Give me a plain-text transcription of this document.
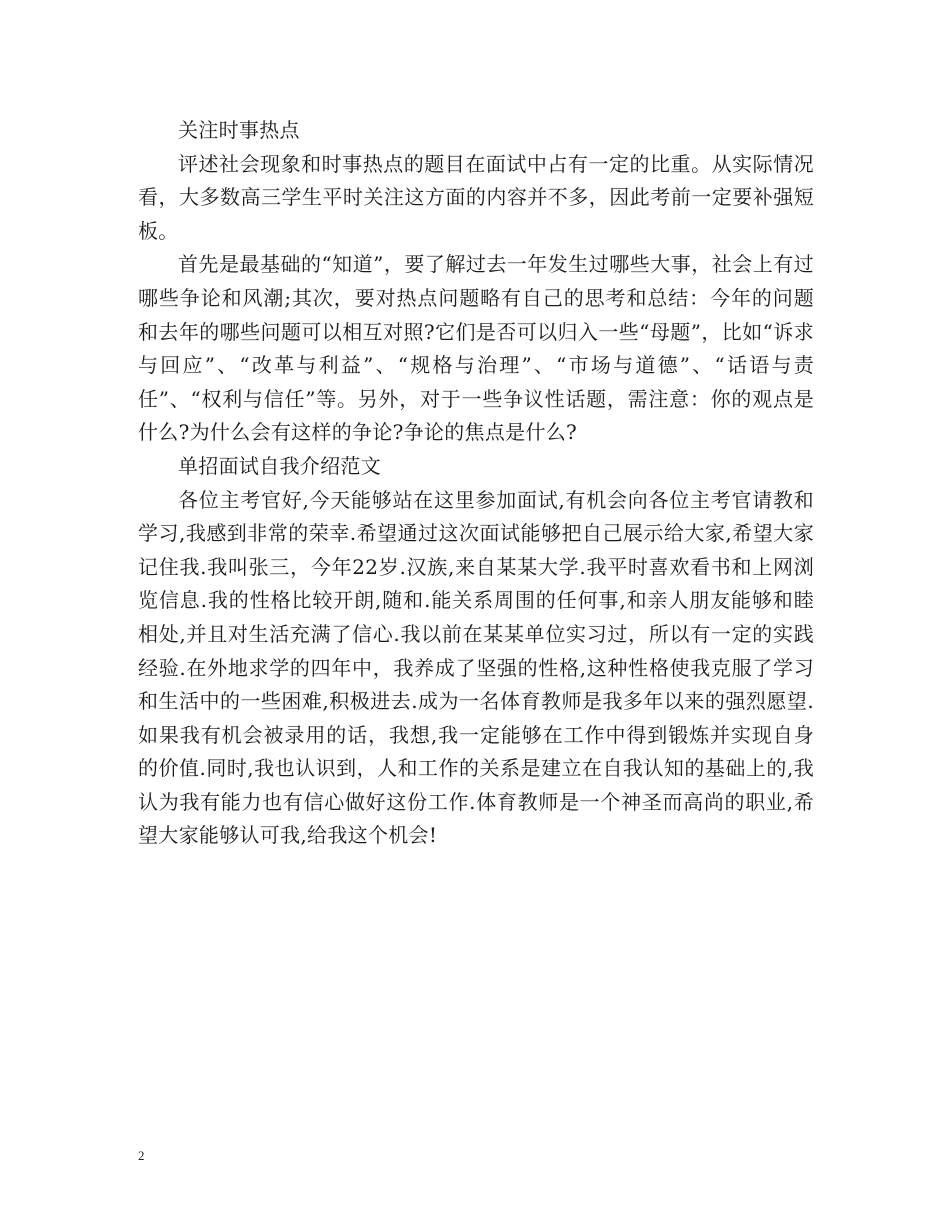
关注时事热点

评述社会现象和时事热点的题目在面试中占有一定的比重。从实际情况看，大多数高三学生平时关注这方面的内容并不多，因此考前一定要补强短板。

首先是最基础的“知道”，要了解过去一年发生过哪些大事，社会上有过哪些争论和风潮;其次，要对热点问题略有自己的思考和总结：今年的问题和去年的哪些问题可以相互对照?它们是否可以归入一些“母题”，比如“诉求与回应”、“改革与利益”、“规格与治理”、“市场与道德”、“话语与责任”、“权利与信任”等。另外，对于一些争议性话题，需注意：你的观点是什么?为什么会有这样的争论?争论的焦点是什么?

单招面试自我介绍范文

各位主考官好,今天能够站在这里参加面试,有机会向各位主考官请教和学习,我感到非常的荣幸.希望通过这次面试能够把自己展示给大家,希望大家记住我.我叫张三，今年22岁.汉族,来自某某大学.我平时喜欢看书和上网浏览信息.我的性格比较开朗,随和.能关系周围的任何事,和亲人朋友能够和睦相处,并且对生活充满了信心.我以前在某某单位实习过，所以有一定的实践经验.在外地求学的四年中，我养成了坚强的性格,这种性格使我克服了学习和生活中的一些困难,积极进去.成为一名体育教师是我多年以来的强烈愿望.如果我有机会被录用的话，我想,我一定能够在工作中得到锻炼并实现自身的价值.同时,我也认识到，人和工作的关系是建立在自我认知的基础上的,我认为我有能力也有信心做好这份工作.体育教师是一个神圣而高尚的职业,希望大家能够认可我,给我这个机会!

2
